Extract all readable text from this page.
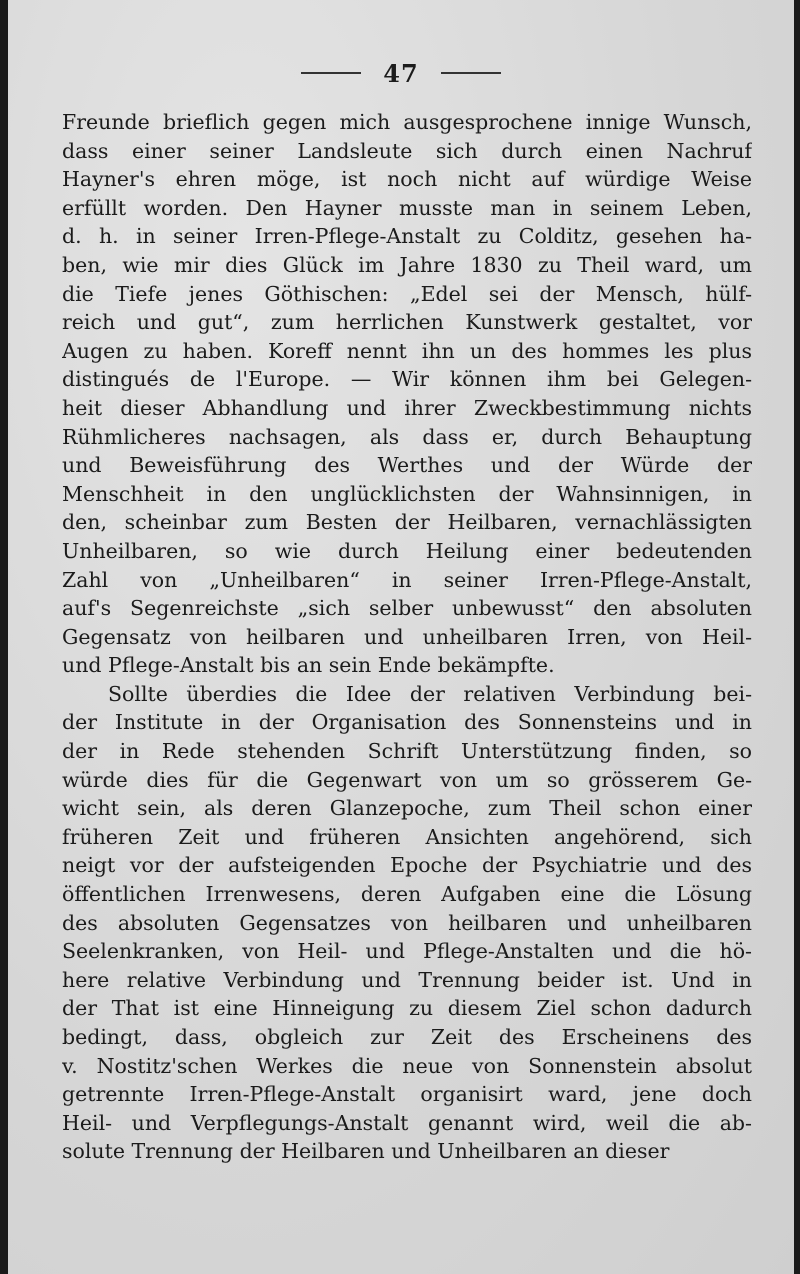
47
Freunde brieflich gegen mich ausgesprochene innige Wunsch,
dass einer seiner Landsleute sich durch einen Nachruf
Hayner's ehren möge, ist noch nicht auf würdige Weise
erfüllt worden. Den Hayner musste man in seinem Leben,
d. h. in seiner Irren-Pflege-Anstalt zu Colditz, gesehen ha-
ben, wie mir dies Glück im Jahre 1830 zu Theil ward, um
die Tiefe jenes Göthischen: „Edel sei der Mensch, hülf-
reich und gut“, zum herrlichen Kunstwerk gestaltet, vor
Augen zu haben. Koreff nennt ihn un des hommes les plus
distingués de l'Europe. — Wir können ihm bei Gelegen-
heit dieser Abhandlung und ihrer Zweckbestimmung nichts
Rühmlicheres nachsagen, als dass er, durch Behauptung
und Beweisführung des Werthes und der Würde der
Menschheit in den unglücklichsten der Wahnsinnigen, in
den, scheinbar zum Besten der Heilbaren, vernachlässigten
Unheilbaren, so wie durch Heilung einer bedeutenden
Zahl von „Unheilbaren“ in seiner Irren-Pflege-Anstalt,
auf's Segenreichste „sich selber unbewusst“ den absoluten
Gegensatz von heilbaren und unheilbaren Irren, von Heil-
und Pflege-Anstalt bis an sein Ende bekämpfte.
Sollte überdies die Idee der relativen Verbindung bei-
der Institute in der Organisation des Sonnensteins und in
der in Rede stehenden Schrift Unterstützung finden, so
würde dies für die Gegenwart von um so grösserem Ge-
wicht sein, als deren Glanzepoche, zum Theil schon einer
früheren Zeit und früheren Ansichten angehörend, sich
neigt vor der aufsteigenden Epoche der Psychiatrie und des
öffentlichen Irrenwesens, deren Aufgaben eine die Lösung
des absoluten Gegensatzes von heilbaren und unheilbaren
Seelenkranken, von Heil- und Pflege-Anstalten und die hö-
here relative Verbindung und Trennung beider ist. Und in
der That ist eine Hinneigung zu diesem Ziel schon dadurch
bedingt, dass, obgleich zur Zeit des Erscheinens des
v. Nostitz'schen Werkes die neue von Sonnenstein absolut
getrennte Irren-Pflege-Anstalt organisirt ward, jene doch
Heil- und Verpflegungs-Anstalt genannt wird, weil die ab-
solute Trennung der Heilbaren und Unheilbaren an dieser
